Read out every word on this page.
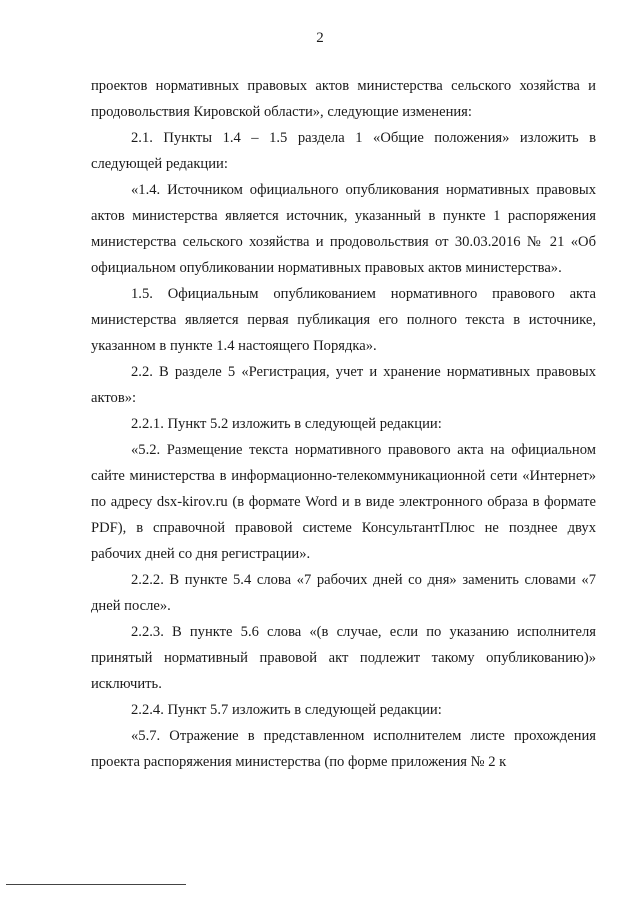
2

проектов нормативных правовых актов министерства сельского хозяйства и продовольствия Кировской области», следующие изменения:

2.1. Пункты 1.4 – 1.5 раздела 1 «Общие положения» изложить в следующей редакции:

«1.4. Источником официального опубликования нормативных правовых актов министерства является источник, указанный в пункте 1 распоряжения министерства сельского хозяйства и продовольствия от 30.03.2016 № 21 «Об официальном опубликовании нормативных правовых актов министерства».

1.5. Официальным опубликованием нормативного правового акта министерства является первая публикация его полного текста в источнике, указанном в пункте 1.4 настоящего Порядка».

2.2. В разделе 5 «Регистрация, учет и хранение нормативных правовых актов»:

2.2.1. Пункт 5.2 изложить в следующей редакции:

«5.2. Размещение текста нормативного правового акта на официальном сайте министерства в информационно-телекоммуникационной сети «Интернет» по адресу dsx-kirov.ru (в формате Word и в виде электронного образа в формате PDF), в справочной правовой системе КонсультантПлюс не позднее двух рабочих дней со дня регистрации».

2.2.2. В пункте 5.4 слова «7 рабочих дней со дня» заменить словами «7 дней после».

2.2.3. В пункте 5.6 слова «(в случае, если по указанию исполнителя принятый нормативный правовой акт подлежит такому опубликованию)» исключить.

2.2.4. Пункт 5.7 изложить в следующей редакции:

«5.7. Отражение в представленном исполнителем листе прохождения проекта распоряжения министерства (по форме приложения № 2 к
